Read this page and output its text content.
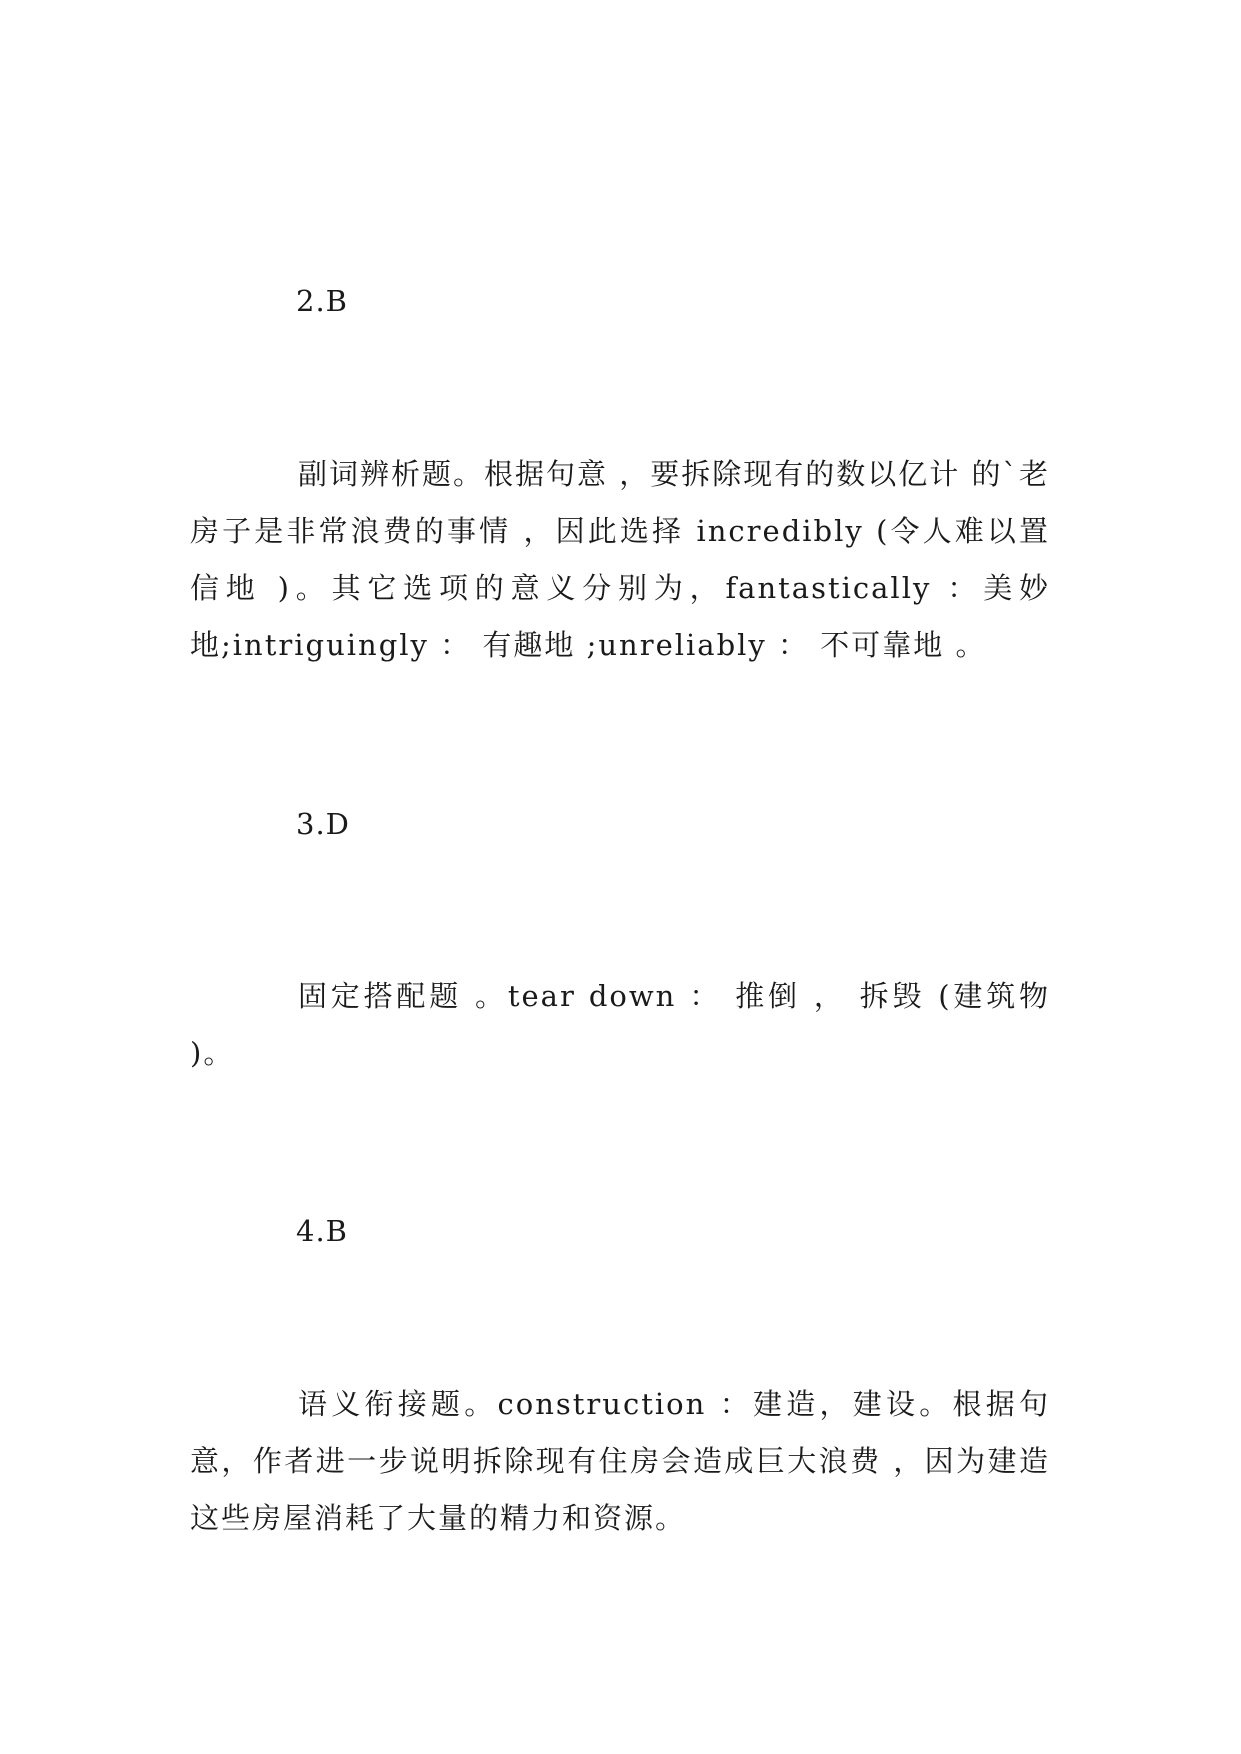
2.B
副词辨析题。根据句意 ，要拆除现有的数以亿计 的`老房子是非常浪费的事情 ，因此选择 incredibly (令人难以置信地 )。其它选项的意义分别为，fantastically ：美妙地;intriguingly ： 有趣地 ;unreliably ： 不可靠地 。
3.D
固定搭配题 。tear down ： 推倒 ， 拆毁 (建筑物 )。
4.B
语义衔接题。construction ：建造，建设。根据句意，作者进一步说明拆除现有住房会造成巨大浪费 ，因为建造这些房屋消耗了大量的精力和资源。
